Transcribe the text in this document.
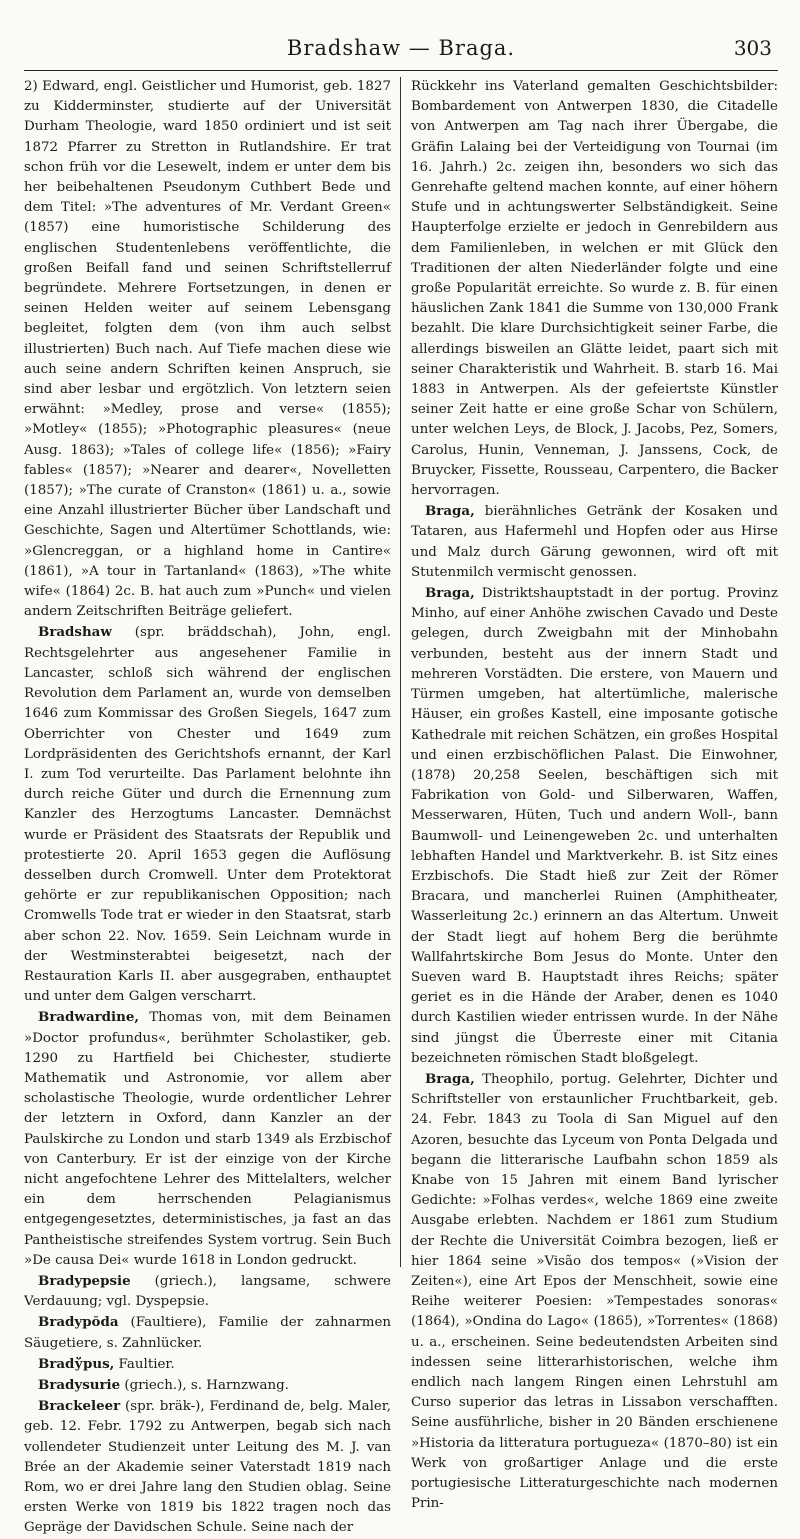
Bradshaw — Braga.	303

2) Edward, engl. Geistlicher und Humorist, geb. 1827 zu Kidderminster, studierte auf der Universität Durham Theologie, ward 1850 ordiniert und ist seit 1872 Pfarrer zu Stretton in Rutlandshire. Er trat schon früh vor die Lesewelt, indem er unter dem bis her beibehaltenen Pseudonym Cuthbert Bede und dem Titel: »The adventures of Mr. Verdant Green« (1857) eine humoristische Schilderung des englischen Studentenlebens veröffentlichte, die großen Beifall fand und seinen Schriftstellerruf begründete. Mehrere Fortsetzungen, in denen er seinen Helden weiter auf seinem Lebensgang begleitet, folgten dem (von ihm auch selbst illustrierten) Buch nach. Auf Tiefe machen diese wie auch seine andern Schriften keinen Anspruch, sie sind aber lesbar und ergötzlich. Von letztern seien erwähnt: »Medley, prose and verse« (1855); »Motley« (1855); »Photographic pleasures« (neue Ausg. 1863); »Tales of college life« (1856); »Fairy fables« (1857); »Nearer and dearer«, Novelletten (1857); »The curate of Cranston« (1861) u. a., sowie eine Anzahl illustrierter Bücher über Landschaft und Geschichte, Sagen und Altertümer Schottlands, wie: »Glencreggan, or a highland home in Cantire« (1861), »A tour in Tartanland« (1863), »The white wife« (1864) 2c. B. hat auch zum »Punch« und vielen andern Zeitschriften Beiträge geliefert.

Bradshaw (spr. bräddschah), John, engl. Rechtsgelehrter aus angesehener Familie in Lancaster, schloß sich während der englischen Revolution dem Parlament an, wurde von demselben 1646 zum Kommissar des Großen Siegels, 1647 zum Oberrichter von Chester und 1649 zum Lordpräsidenten des Gerichtshofs ernannt, der Karl I. zum Tod verurteilte. Das Parlament belohnte ihn durch reiche Güter und durch die Ernennung zum Kanzler des Herzogtums Lancaster. Demnächst wurde er Präsident des Staatsrats der Republik und protestierte 20. April 1653 gegen die Auflösung desselben durch Cromwell. Unter dem Protektorat gehörte er zur republikanischen Opposition; nach Cromwells Tode trat er wieder in den Staatsrat, starb aber schon 22. Nov. 1659. Sein Leichnam wurde in der Westminsterabtei beigesetzt, nach der Restauration Karls II. aber ausgegraben, enthauptet und unter dem Galgen verscharrt.

Bradwardine, Thomas von, mit dem Beinamen »Doctor profundus«, berühmter Scholastiker, geb. 1290 zu Hartfield bei Chichester, studierte Mathematik und Astronomie, vor allem aber scholastische Theologie, wurde ordentlicher Lehrer der letztern in Oxford, dann Kanzler an der Paulskirche zu London und starb 1349 als Erzbischof von Canterbury. Er ist der einzige von der Kirche nicht angefochtene Lehrer des Mittelalters, welcher ein dem herrschenden Pelagianismus entgegengesetztes, deterministisches, ja fast an das Pantheistische streifendes System vortrug. Sein Buch »De causa Dei« wurde 1618 in London gedruckt.

Bradypepsie (griech.), langsame, schwere Verdauung; vgl. Dyspepsie.

Bradypŏda (Faultiere), Familie der zahnarmen Säugetiere, s. Zahnlücker.

Bradўpus, Faultier.

Bradysurie (griech.), s. Harnzwang.

Brackeleer (spr. bräk-), Ferdinand de, belg. Maler, geb. 12. Febr. 1792 zu Antwerpen, begab sich nach vollendeter Studienzeit unter Leitung des M. J. van Brée an der Akademie seiner Vaterstadt 1819 nach Rom, wo er drei Jahre lang den Studien oblag. Seine ersten Werke von 1819 bis 1822 tragen noch das Gepräge der Davidschen Schule. Seine nach der

Rückkehr ins Vaterland gemalten Geschichtsbilder: Bombardement von Antwerpen 1830, die Citadelle von Antwerpen am Tag nach ihrer Übergabe, die Gräfin Lalaing bei der Verteidigung von Tournai (im 16. Jahrh.) 2c. zeigen ihn, besonders wo sich das Genrehafte geltend machen konnte, auf einer höhern Stufe und in achtungswerter Selbständigkeit. Seine Haupterfolge erzielte er jedoch in Genrebildern aus dem Familienleben, in welchen er mit Glück den Traditionen der alten Niederländer folgte und eine große Popularität erreichte. So wurde z. B. für einen häuslichen Zank 1841 die Summe von 130,000 Frank bezahlt. Die klare Durchsichtigkeit seiner Farbe, die allerdings bisweilen an Glätte leidet, paart sich mit seiner Charakteristik und Wahrheit. B. starb 16. Mai 1883 in Antwerpen. Als der gefeiertste Künstler seiner Zeit hatte er eine große Schar von Schülern, unter welchen Leys, de Block, J. Jacobs, Pez, Somers, Carolus, Hunin, Venneman, J. Janssens, Cock, de Bruycker, Fissette, Rousseau, Carpentero, die Backer hervorragen.

Braga, bierähnliches Getränk der Kosaken und Tataren, aus Hafermehl und Hopfen oder aus Hirse und Malz durch Gärung gewonnen, wird oft mit Stutenmilch vermischt genossen.

Braga, Distriktshauptstadt in der portug. Provinz Minho, auf einer Anhöhe zwischen Cavado und Deste gelegen, durch Zweigbahn mit der Minhobahn verbunden, besteht aus der innern Stadt und mehreren Vorstädten. Die erstere, von Mauern und Türmen umgeben, hat altertümliche, malerische Häuser, ein großes Kastell, eine imposante gotische Kathedrale mit reichen Schätzen, ein großes Hospital und einen erzbischöflichen Palast. Die Einwohner, (1878) 20,258 Seelen, beschäftigen sich mit Fabrikation von Gold- und Silberwaren, Waffen, Messerwaren, Hüten, Tuch und andern Woll-, bann Baumwoll- und Leinengeweben 2c. und unterhalten lebhaften Handel und Marktverkehr. B. ist Sitz eines Erzbischofs. Die Stadt hieß zur Zeit der Römer Bracara, und mancherlei Ruinen (Amphitheater, Wasserleitung 2c.) erinnern an das Altertum. Unweit der Stadt liegt auf hohem Berg die berühmte Wallfahrtskirche Bom Jesus do Monte. Unter den Sueven ward B. Hauptstadt ihres Reichs; später geriet es in die Hände der Araber, denen es 1040 durch Kastilien wieder entrissen wurde. In der Nähe sind jüngst die Überreste einer mit Citania bezeichneten römischen Stadt bloßgelegt.

Braga, Theophilo, portug. Gelehrter, Dichter und Schriftsteller von erstaunlicher Fruchtbarkeit, geb. 24. Febr. 1843 zu Toola di San Miguel auf den Azoren, besuchte das Lyceum von Ponta Delgada und begann die litterarische Laufbahn schon 1859 als Knabe von 15 Jahren mit einem Band lyrischer Gedichte: »Folhas verdes«, welche 1869 eine zweite Ausgabe erlebten. Nachdem er 1861 zum Studium der Rechte die Universität Coimbra bezogen, ließ er hier 1864 seine »Visão dos tempos« (»Vision der Zeiten«), eine Art Epos der Menschheit, sowie eine Reihe weiterer Poesien: »Tempestades sonoras« (1864), »Ondina do Lago« (1865), »Torrentes« (1868) u. a., erscheinen. Seine bedeutendsten Arbeiten sind indessen seine litterarhistorischen, welche ihm endlich nach langem Ringen einen Lehrstuhl am Curso superior das letras in Lissabon verschafften. Seine ausführliche, bisher in 20 Bänden erschienene »Historia da litteratura portugueza« (1870–80) ist ein Werk von großartiger Anlage und die erste portugiesische Litteraturgeschichte nach modernen Prin-
